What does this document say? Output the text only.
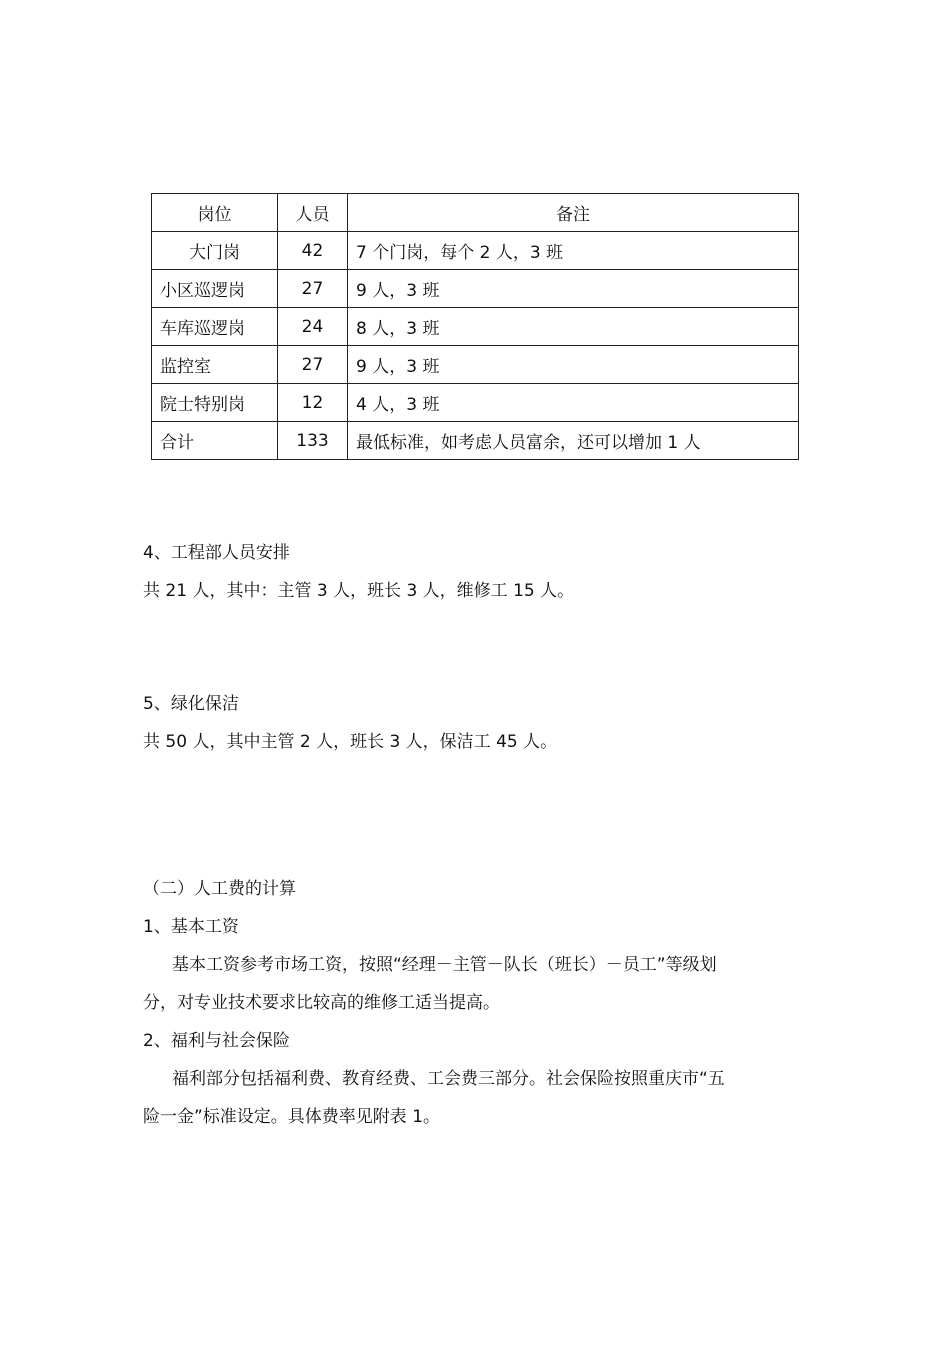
岗位	人员	备注
大门岗	42	7 个门岗，每个 2 人，3 班
小区巡逻岗	27	9 人，3 班
车库巡逻岗	24	8 人，3 班
监控室	27	9 人，3 班
院士特别岗	12	4 人，3 班
合计	133	最低标准，如考虑人员富余，还可以增加 1 人
4、工程部人员安排
共 21 人，其中：主管 3 人，班长 3 人，维修工 15 人。
5、绿化保洁
共 50 人，其中主管 2 人，班长 3 人，保洁工 45 人。
（二）人工费的计算
1、基本工资
基本工资参考市场工资，按照“经理－主管－队长（班长）－员工”等级划
分，对专业技术要求比较高的维修工适当提高。
2、福利与社会保险
福利部分包括福利费、教育经费、工会费三部分。社会保险按照重庆市“五
险一金”标准设定。具体费率见附表 1。
